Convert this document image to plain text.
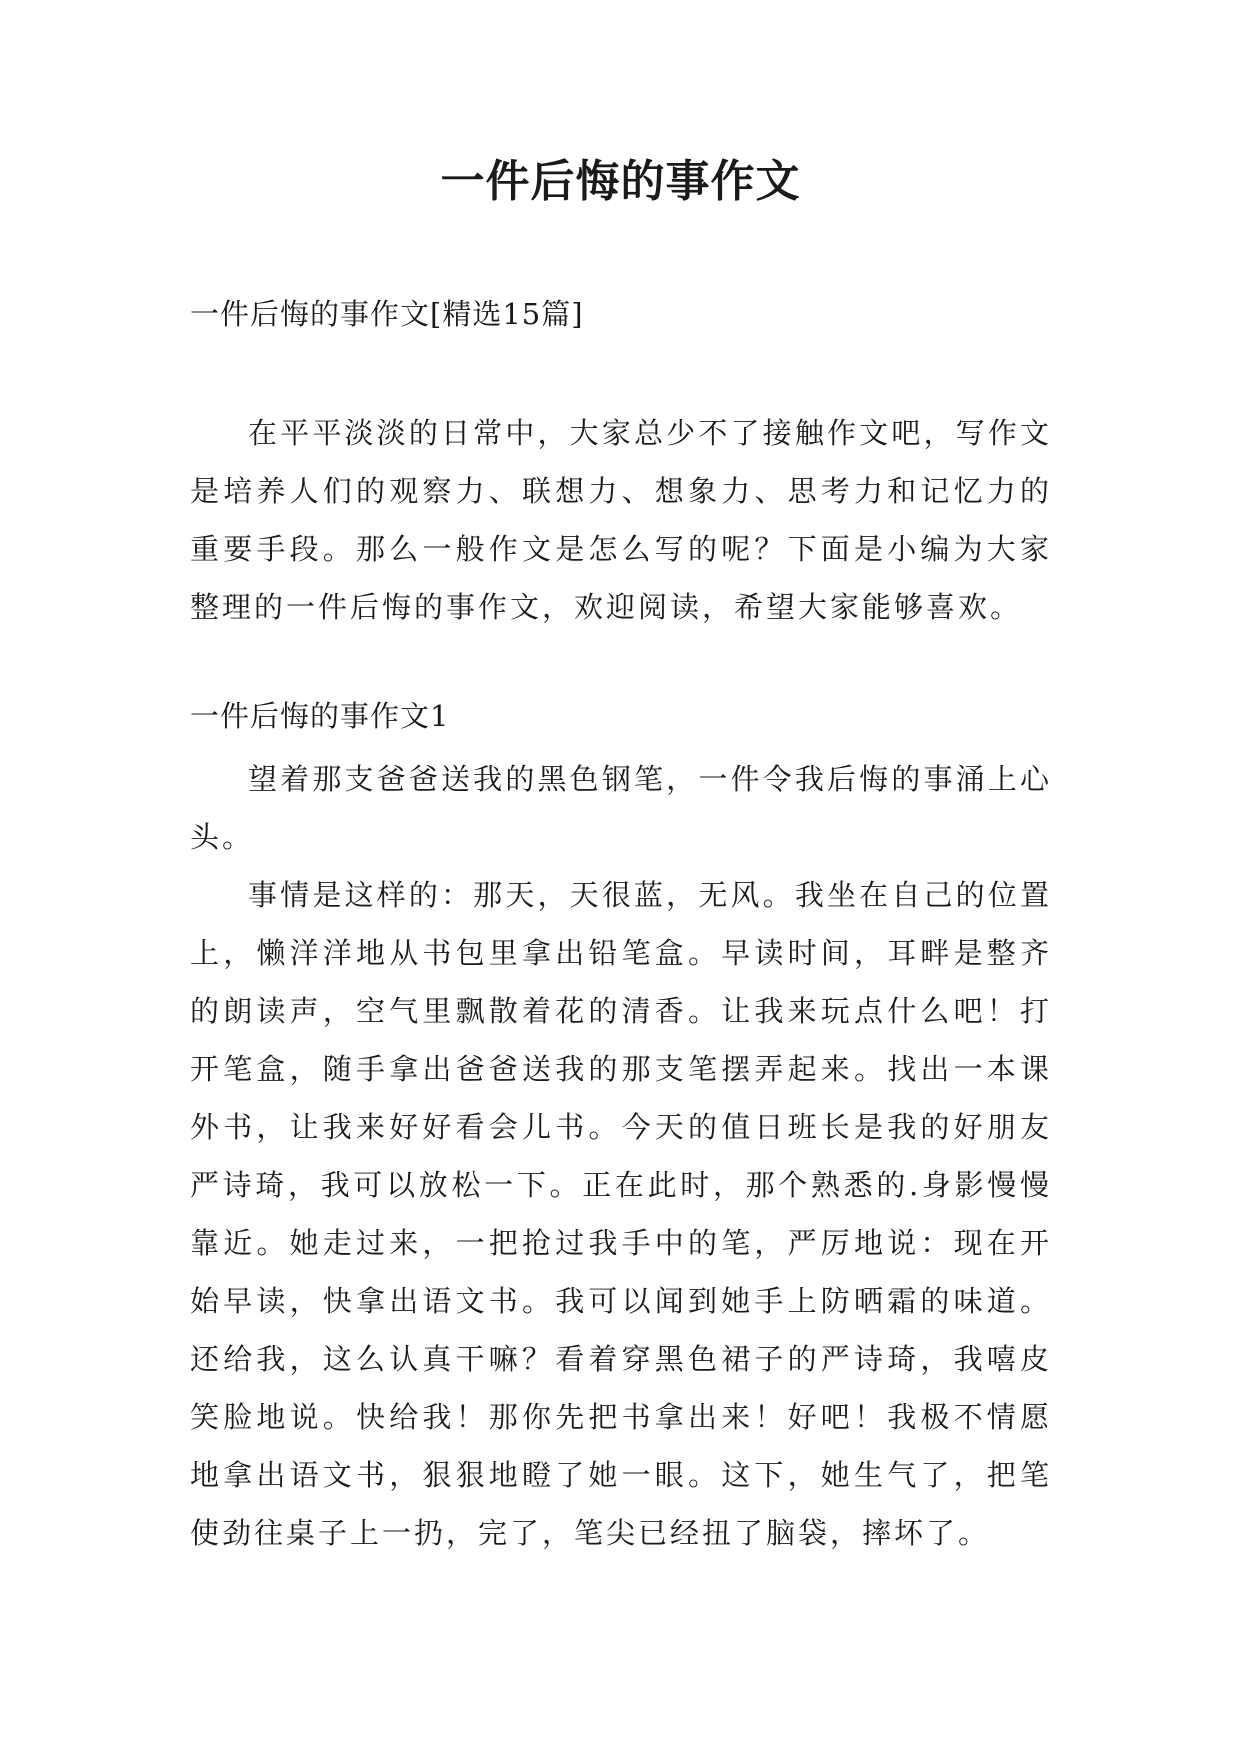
一件后悔的事作文
一件后悔的事作文[精选15篇]

在平平淡淡的日常中，大家总少不了接触作文吧，写作文是培养人们的观察力、联想力、想象力、思考力和记忆力的重要手段。那么一般作文是怎么写的呢？下面是小编为大家整理的一件后悔的事作文，欢迎阅读，希望大家能够喜欢。

一件后悔的事作文1

望着那支爸爸送我的黑色钢笔，一件令我后悔的事涌上心头。

事情是这样的：那天，天很蓝，无风。我坐在自己的位置上，懒洋洋地从书包里拿出铅笔盒。早读时间，耳畔是整齐的朗读声，空气里飘散着花的清香。让我来玩点什么吧！打开笔盒，随手拿出爸爸送我的那支笔摆弄起来。找出一本课外书，让我来好好看会儿书。今天的值日班长是我的好朋友严诗琦，我可以放松一下。正在此时，那个熟悉的.身影慢慢靠近。她走过来，一把抢过我手中的笔，严厉地说：现在开始早读，快拿出语文书。我可以闻到她手上防晒霜的味道。还给我，这么认真干嘛？看着穿黑色裙子的严诗琦，我嘻皮笑脸地说。快给我！那你先把书拿出来！好吧！我极不情愿地拿出语文书，狠狠地瞪了她一眼。这下，她生气了，把笔使劲往桌子上一扔，完了，笔尖已经扭了脑袋，摔坏了。
